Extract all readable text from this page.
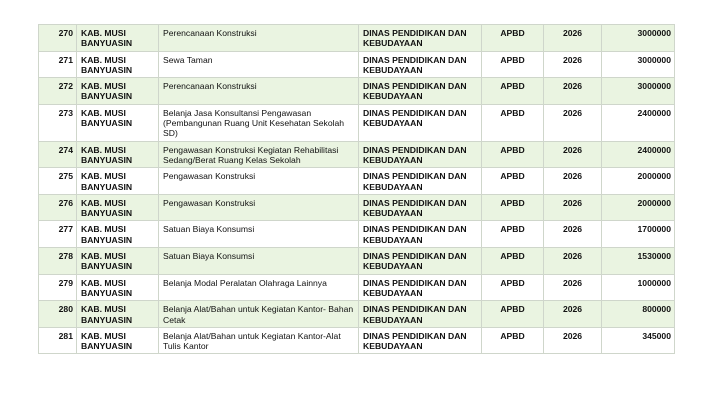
270	KAB. MUSI BANYUASIN	Perencanaan Konstruksi	DINAS PENDIDIKAN DAN KEBUDAYAAN	APBD	2026	3000000
271	KAB. MUSI BANYUASIN	Sewa Taman	DINAS PENDIDIKAN DAN KEBUDAYAAN	APBD	2026	3000000
272	KAB. MUSI BANYUASIN	Perencanaan Konstruksi	DINAS PENDIDIKAN DAN KEBUDAYAAN	APBD	2026	3000000
273	KAB. MUSI BANYUASIN	Belanja Jasa Konsultansi Pengawasan (Pembangunan Ruang Unit Kesehatan Sekolah SD)	DINAS PENDIDIKAN DAN KEBUDAYAAN	APBD	2026	2400000
274	KAB. MUSI BANYUASIN	Pengawasan Konstruksi Kegiatan Rehabilitasi Sedang/Berat Ruang Kelas Sekolah	DINAS PENDIDIKAN DAN KEBUDAYAAN	APBD	2026	2400000
275	KAB. MUSI BANYUASIN	Pengawasan Konstruksi	DINAS PENDIDIKAN DAN KEBUDAYAAN	APBD	2026	2000000
276	KAB. MUSI BANYUASIN	Pengawasan Konstruksi	DINAS PENDIDIKAN DAN KEBUDAYAAN	APBD	2026	2000000
277	KAB. MUSI BANYUASIN	Satuan Biaya Konsumsi	DINAS PENDIDIKAN DAN KEBUDAYAAN	APBD	2026	1700000
278	KAB. MUSI BANYUASIN	Satuan Biaya Konsumsi	DINAS PENDIDIKAN DAN KEBUDAYAAN	APBD	2026	1530000
279	KAB. MUSI BANYUASIN	Belanja Modal Peralatan Olahraga Lainnya	DINAS PENDIDIKAN DAN KEBUDAYAAN	APBD	2026	1000000
280	KAB. MUSI BANYUASIN	Belanja Alat/Bahan untuk Kegiatan Kantor- Bahan Cetak	DINAS PENDIDIKAN DAN KEBUDAYAAN	APBD	2026	800000
281	KAB. MUSI BANYUASIN	Belanja Alat/Bahan untuk Kegiatan Kantor-Alat Tulis Kantor	DINAS PENDIDIKAN DAN KEBUDAYAAN	APBD	2026	345000
